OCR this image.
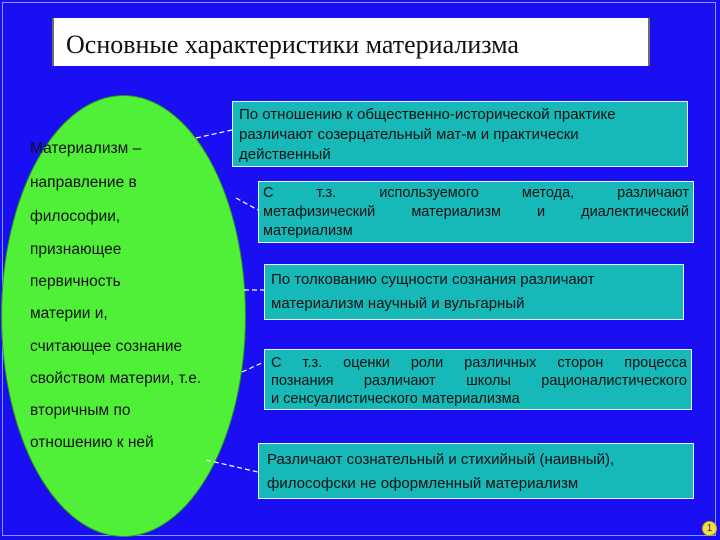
Основные характеристики материализма
Материализм –
направление в
философии,
признающее
первичность
материи и,
считающее сознание
свойством материи, т.е.
вторичным по
отношению к ней
По отношению к общественно-исторической практике
различают созерцательный мат-м и практически
действенный
С т.з. используемого метода, различают
метафизический материализм и диалектический
материализм
По толкованию сущности сознания различают
материализм научный и вульгарный
С т.з. оценки роли различных сторон процесса
познания различают школы рационалистического
и сенсуалистического материализма
Различают сознательный и стихийный (наивный),
философски не оформленный материализм
1
